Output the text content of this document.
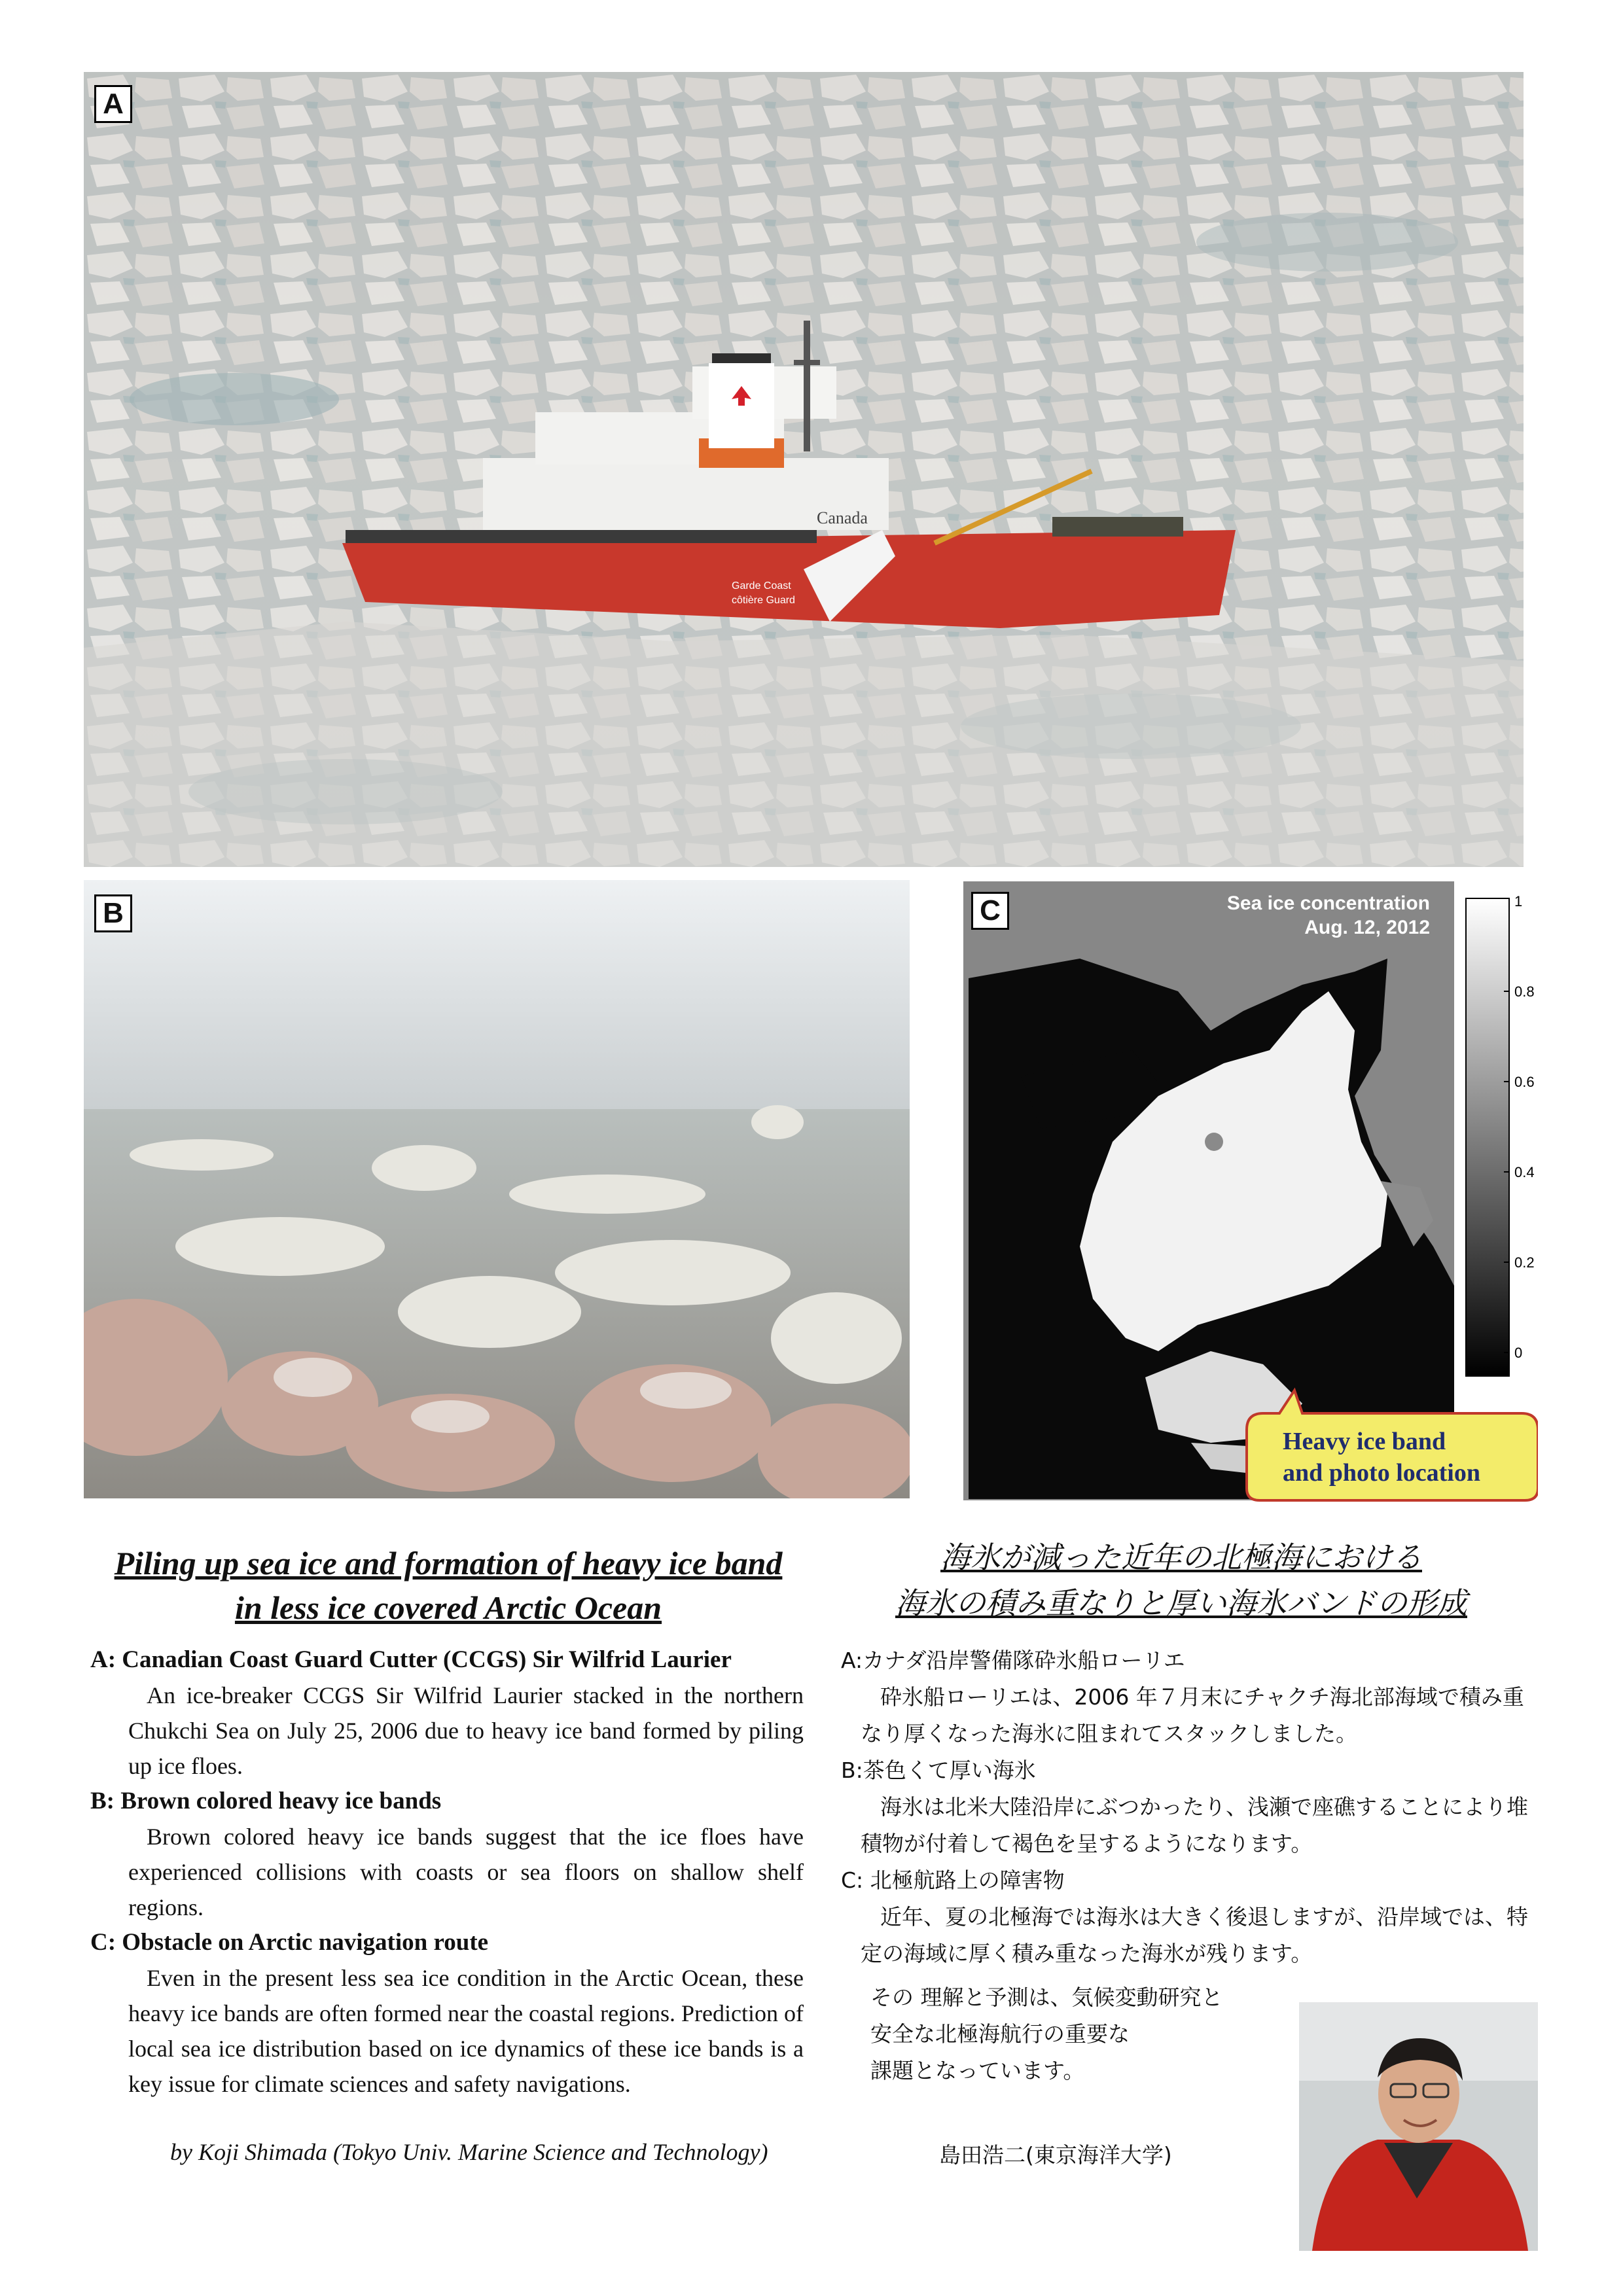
Canada
Garde Coast
côtière Guard
A
B	Sea ice concentration
Aug. 12, 2012
1
0.8
0.6
0.4
0.2
0
Heavy ice band
and photo location
C
Piling up sea ice and formation of heavy ice band
in less ice covered Arctic Ocean
A: Canadian Coast Guard Cutter (CCGS) Sir Wilfrid Laurier
An ice-breaker CCGS Sir Wilfrid Laurier stacked in the northern Chukchi Sea on July 25, 2006 due to heavy ice band formed by piling up ice floes.
B: Brown colored heavy ice bands
Brown colored heavy ice bands suggest that the ice floes have experienced collisions with coasts or sea floors on shallow shelf regions.
C: Obstacle on Arctic navigation route
Even in the present less sea ice condition in the Arctic Ocean, these heavy ice bands are often formed near the coastal regions. Prediction of local sea ice distribution based on ice dynamics of these ice bands is a key issue for climate sciences and safety navigations.
by Koji Shimada (Tokyo Univ. Marine Science and Technology)
海氷が減った近年の北極海における
海氷の積み重なりと厚い海氷バンドの形成
A:カナダ沿岸警備隊砕氷船ローリエ
砕氷船ローリエは、2006 年７月末にチャクチ海北部海域で積み重なり厚くなった海氷に阻まれてスタックしました。
B:茶色くて厚い海氷
海氷は北米大陸沿岸にぶつかったり、浅瀬で座礁することにより堆積物が付着して褐色を呈するようになります。
C: 北極航路上の障害物
近年、夏の北極海では海氷は大きく後退しますが、沿岸域では、特定の海域に厚く積み重なった海氷が残ります。
その 理解と予測は、気候変動研究と
安全な北極海航行の重要な
課題となっています。
島田浩二(東京海洋大学)
